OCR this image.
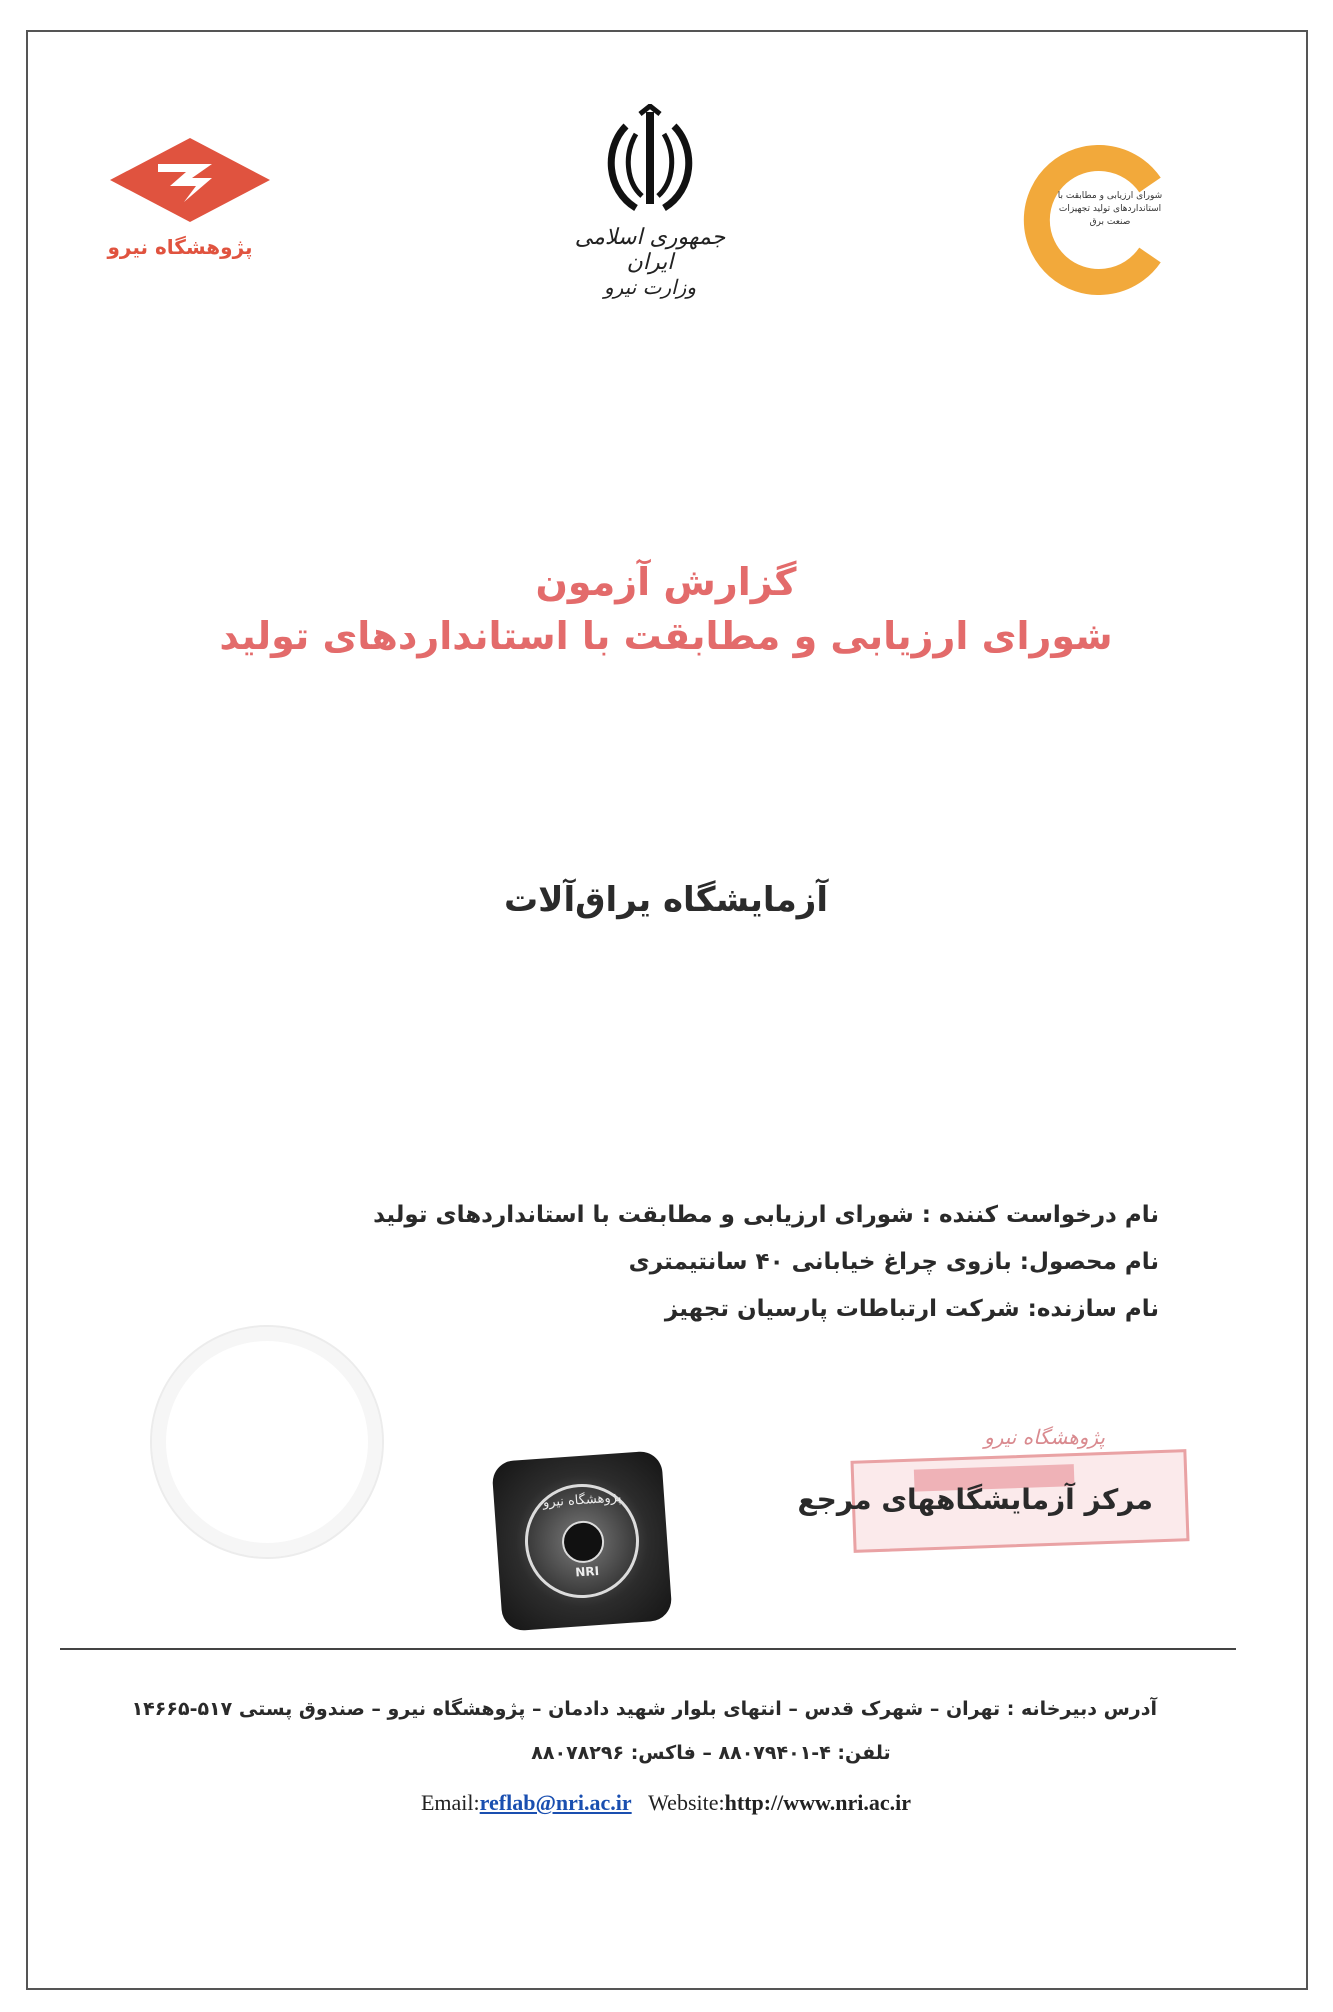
پژوهشگاه نیرو	جمهوری اسلامی ایران
وزارت نیرو
شورای ارزیابی و مطابقت با استانداردهای تولید تجهیزات صنعت برق
گزارش آزمون
شورای ارزیابی و مطابقت با استانداردهای تولید
آزمایشگاه یراق‌آلات
نام درخواست کننده : شورای ارزیابی و مطابقت با استانداردهای تولید
نام محصول: بازوی چراغ خیابانی ۴۰ سانتیمتری
نام سازنده: شرکت ارتباطات پارسیان تجهیز
پژوهشگاه نیرو
NRI
پژوهشگاه نیرو
مرکز آزمایشگاههای مرجع
آدرس دبیرخانه : تهران – شهرک قدس – انتهای بلوار شهید دادمان – پژوهشگاه نیرو – صندوق پستی ۵۱۷-۱۴۶۶۵
تلفن: ۴-۸۸۰۷۹۴۰۱ – فاکس: ۸۸۰۷۸۲۹۶
Email:reflab@nri.ac.ir Website:http://www.nri.ac.ir
